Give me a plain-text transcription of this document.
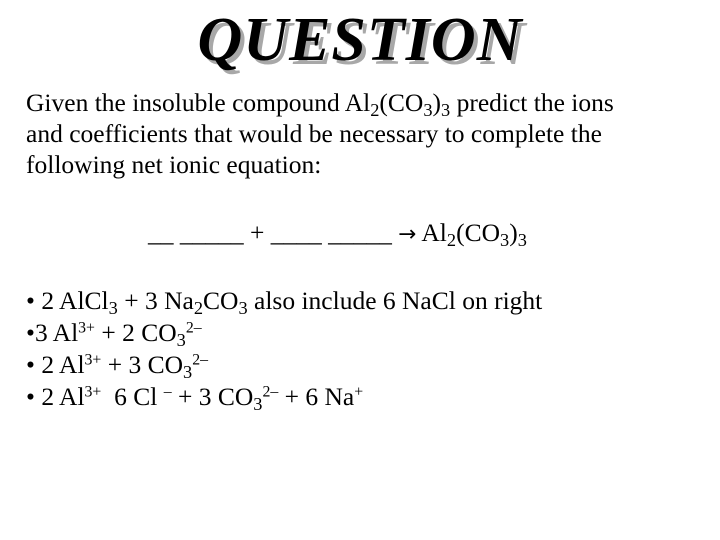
QUESTION

Given the insoluble compound $Al_2(CO_3)_3$ predict the ions

and coefficients that would be necessary to complete the

following net ionic equation:

__ _____ + ____ _____ → $Al_2(CO_3)_3$
• 2 AlCl$_3$ + 3 $Na_2CO_3$ also include 6 NaCl on right
•3 $Al^{3+} + 2$ $CO_3^{2-}$
• 2 $Al^{3+} + 3$ $CO_3^{2-}$
• 2 $Al^{3+}$  6 Cl – + 3 $CO_3^{2-} + 6$ Na+
